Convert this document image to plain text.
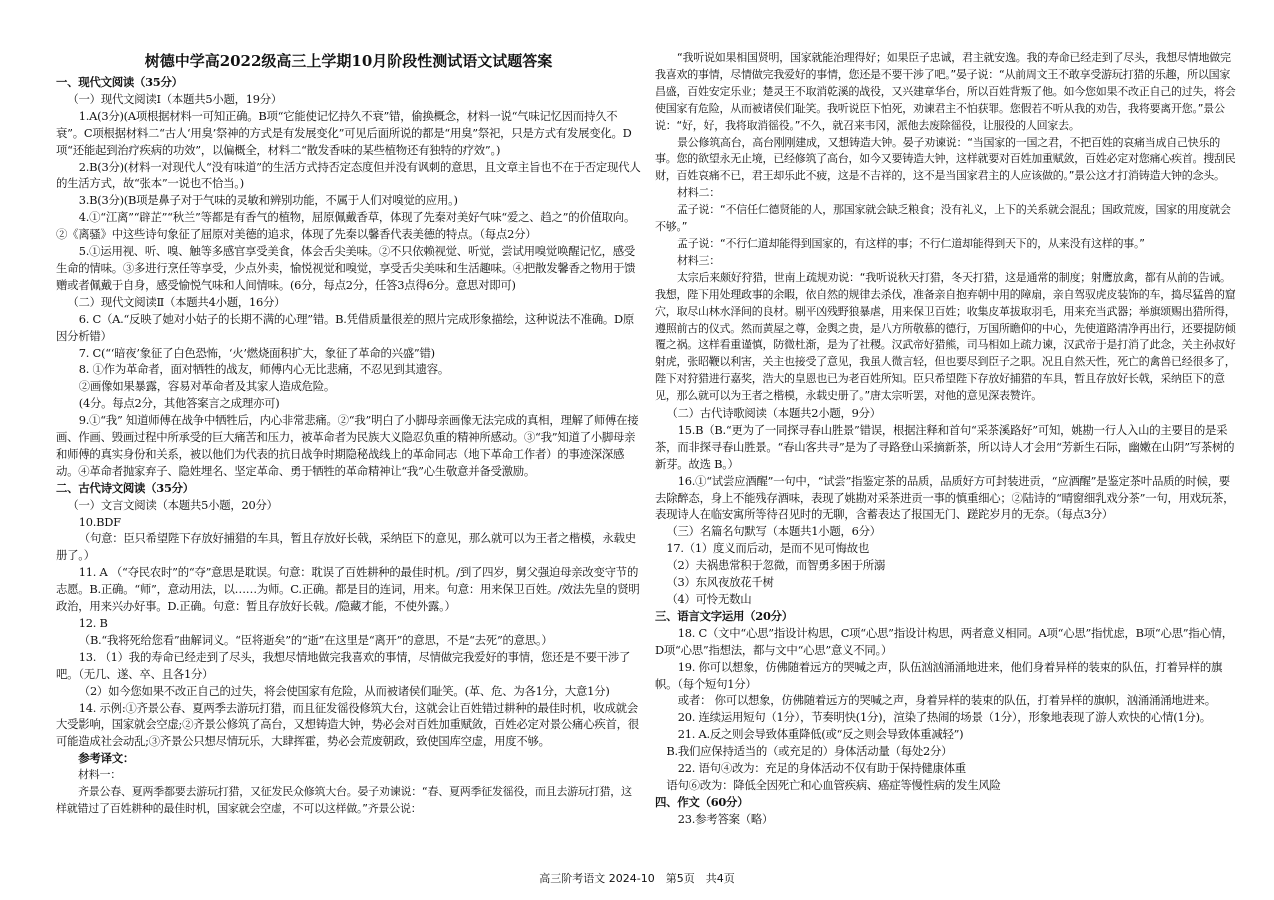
树德中学高2022级高三上学期10月阶段性测试语文试题答案

一、现代文阅读（35分）

（一）现代文阅读Ⅰ（本题共5小题，19分）

1.A(3分)(A项根据材料一可知正确。B项“它能使记忆持久不衰”错，偷换概念，材料一说“气味记忆因而持久不衰”。C项根据材料二“古人‘用臭’祭神的方式是有发展变化”可见后面所说的都是“用臭”祭祀，只是方式有发展变化。D项“还能起到治疗疾病的功效”，以偏概全，材料二“散发香味的某些植物还有独特的疗效”。)

2.B(3分)(材料一对现代人“没有味道”的生活方式持否定态度但并没有讽刺的意思，且文章主旨也不在于否定现代人的生活方式，故“张本”一说也不恰当。)

3.B(3分)(B项是鼻子对于气味的灵敏和辨别功能，不属于人们对嗅觉的应用。)

4.①“江离”“辟芷”“秋兰”等都是有香气的植物，屈原佩戴香草，体现了先秦对美好气味“爱之、趋之”的价值取向。②《离骚》中这些诗句象征了屈原对美德的追求，体现了先秦以馨香代表美德的特点。（每点2分）

5.①运用视、听、嗅、触等多感官享受美食，体会舌尖美味。②不只依赖视觉、听觉，尝试用嗅觉唤醒记忆，感受生命的情味。③多进行烹任等享受，少点外卖，愉悦视觉和嗅觉，享受舌尖美味和生活趣味。④把散发馨香之物用于馈赠或者佩戴于自身，感受愉悦气味和人间情味。(6分，每点2分，任答3点得6分。意思对即可)

（二）现代文阅读Ⅱ（本题共4小题，16分）

6. C（A.“反映了她对小姑子的长期不满的心理”错。B.凭借质量很差的照片完成形象描绘，这种说法不准确。D原因分析错）

7. C(“‘暗夜’象征了白色恐怖，‘火’燃烧面积扩大，象征了革命的兴盛”错)

8. ①作为革命者，面对牺牲的战友，师傅内心无比悲痛，不忍见到其遗容。

②画像如果暴露，容易对革命者及其家人造成危险。

(4分。每点2分，其他答案言之成理亦可)

9.①“我” 知道师傅在战争中牺牲后，内心非常悲痛。②“我”明白了小脚母亲画像无法完成的真相，理解了师傅在接画、作画、毁画过程中所承受的巨大痛苦和压力，被革命者为民族大义隐忍负重的精神所感动。③“我”知道了小脚母亲和师傅的真实身份和关系，被以他们为代表的抗日战争时期隐秘战线上的革命同志（地下革命工作者）的事迹深深感动。④革命者抛家弃子、隐姓埋名、坚定革命、勇于牺牲的革命精神让“我”心生敬意并备受激励。

二、古代诗文阅读（35分）

（一）文言文阅读（本题共5小题，20分）

10.BDF

（句意：臣只希望陛下存放好捕猎的车具，暂且存放好长戟，采纳臣下的意见，那么就可以为王者之楷模，永载史册了。）

11. A （“夺民农时”的“夺”意思是耽误。句意：耽误了百姓耕种的最佳时机。/到了四岁，舅父强迫母亲改变守节的志愿。B.正确。“师”，意动用法，以……为师。C.正确。都是目的连词，用来。句意：用来保卫百姓。/效法先皇的贤明政治，用来兴办好事。D.正确。句意：暂且存放好长戟。/隐藏才能，不使外露。）

12. B

（B.“我将死给您看”曲解词义。“臣将逝矣”的“逝”在这里是“离开”的意思，不是“去死”的意思。）

13. （1）我的寿命已经走到了尽头，我想尽情地做完我喜欢的事情，尽情做完我爱好的事情，您还是不要干涉了吧。（无几、遂、卒、且各1分）

（2）如今您如果不改正自己的过失，将会使国家有危险，从而被诸侯们耻笑。(革、危、为各1分，大意1分)

14. 示例:①齐景公春、夏两季去游玩打猎，而且征发徭役修筑大台，这就会让百姓错过耕种的最佳时机，收成就会大受影响，国家就会空虚;②齐景公修筑了高台，又想铸造大钟，势必会对百姓加重赋敛，百姓必定对景公痛心疾首，很可能造成社会动乱;③齐景公只想尽情玩乐，大肆挥霍，势必会荒废朝政，致使国库空虚，用度不够。

　　参考译文：

材料一：

齐景公春、夏两季都要去游玩打猎，又征发民众修筑大台。晏子劝谏说：“春、夏两季征发徭役，而且去游玩打猎，这样就错过了百姓耕种的最佳时机，国家就会空虚，不可以这样做。”齐景公说：

“我听说如果相国贤明，国家就能治理得好；如果臣子忠诚，君主就安逸。我的寿命已经走到了尽头，我想尽情地做完我喜欢的事情，尽情做完我爱好的事情，您还是不要干涉了吧。”晏子说：“从前周文王不敢享受游玩打猎的乐趣，所以国家昌盛，百姓安定乐业；楚灵王不取消乾溪的战役，又兴建章华台，所以百姓背叛了他。如今您如果不改正自己的过失，将会使国家有危险，从而被诸侯们耻笑。我听说臣下怕死，劝谏君主不怕获罪。您假若不听从我的劝告，我将要离开您。”景公说：“好，好，我将取消徭役。”不久，就召来韦冈，派他去废除徭役，让服役的人回家去。

景公修筑高台，高台刚刚建成，又想铸造大钟。晏子劝谏说：“当国家的一国之君，不把百姓的哀痛当成自己快乐的事。您的欲望永无止境，已经修筑了高台，如今又要铸造大钟，这样就要对百姓加重赋敛，百姓必定对您痛心疾首。搜刮民财，百姓哀痛不已，君王却乐此不疲，这是不吉祥的，这不是当国家君主的人应该做的。”景公这才打消铸造大钟的念头。

材料二：

孟子说：“不信任仁德贤能的人，那国家就会缺乏粮食；没有礼义，上下的关系就会混乱；国政荒废，国家的用度就会不够。”

孟子说：“不行仁道却能得到国家的，有这样的事；不行仁道却能得到天下的，从来没有这样的事。”

材料三：

太宗后来颇好狩猎，世南上疏规劝说：“我听说秋天打猎，冬天打猎，这是通常的制度；射鹰放禽，都有从前的告诫。我想，陛下用处理政事的余暇，依自然的规律去杀伐，准备亲自抱弃朝中用的障扇，亲自驾驭虎皮装饰的车，捣尽猛兽的窟穴，取尽山林水泽间的良材。剔平凶残野狼暴虐，用来保卫百姓；收集皮革拔取羽毛，用来充当武器；举旗颂赐出猎所得，遵照前古的仪式。然而黄屋之尊，金舆之贵，是八方所敬慕的德行，万国所瞻仰的中心，先使道路清净再出行，还要提防倾覆之祸。这样看重谨慎，防微杜渐，是为了社稷。汉武帝好猎熊，司马相如上疏力谏，汉武帝于是打消了此念，关主孙叔好射虎，张昭鞭以利害，关主也接受了意见，我虽人微言轻，但也要尽到臣子之职。况且自然天性，死亡的禽兽已经很多了，陛下对狩猎进行嘉奖，浩大的皇恩也已为老百姓所知。臣只希望陛下存放好捕猎的车具，暂且存放好长戟，采纳臣下的意见，那么就可以为王者之楷模，永载史册了。”唐太宗听罢，对他的意见深表赞许。

（二）古代诗歌阅读（本题共2小题，9分）

15.B（B.“更为了一同探寻春山胜景”错误，根据注释和首句“采茶溪路好”可知，姚勘一行人入山的主要目的是采茶，而非探寻春山胜景。“春山客共寻”是为了寻路登山采摘新茶，所以诗人才会用“芳新生石际，幽嫩在山阴”写茶树的新芽。故选 B。）

16.①“试尝应酒醒”一句中，“试尝”指鉴定茶的品质，品质好方可封装进贡，“应酒醒”是鉴定茶叶品质的时候，要去除醉态，身上不能残存酒味，表现了姚勘对采茶进贡一事的慎重细心；②陆诗的“晴窗细乳戏分茶”一句，用戏玩茶，表现诗人在临安寓所等待召见时的无聊，含蓄表达了报国无门、蹉跎岁月的无奈。（每点3分）

（三）名篇名句默写（本题共1小题，6分）

17.（1）度义而后动，是而不见可悔故也

（2）夫祸患常积于忽微，而智勇多困于所溺

（3）东风夜放花千树

（4）可怜无数山

三、语言文字运用（20分）

18. C（文中“心思”指设计构思，C项“心思”指设计构思，两者意义相同。A项“心思”指忧虑，B项“心思”指心情，D项“心思”指想法，都与文中“心思”意义不同。）

19. 你可以想象，仿佛随着远方的哭喊之声，队伍汹汹涌涌地进来，他们身着异样的装束的队伍，打着异样的旗帜。（每个短句1分）

或者： 你可以想象，仿佛随着远方的哭喊之声，身着异样的装束的队伍，打着异样的旗帜，汹涌涌涌地进来。

20. 连续运用短句（1分），节奏明快(1分)，渲染了热闹的场景（1分），形象地表现了游人欢快的心情(1分)。

21. A.反之则会导致体重降低(或“反之则会导致体重减轻”)

B.我们应保持适当的（或充足的）身体活动量（每处2分）

22. 语句④改为：充足的身体活动不仅有助于保持健康体重

语句⑥改为：降低全因死亡和心血管疾病、癌症等慢性病的发生风险

四、作文（60分）

23.参考答案（略）

高三阶考语文 2024-10　第5页　共4页
